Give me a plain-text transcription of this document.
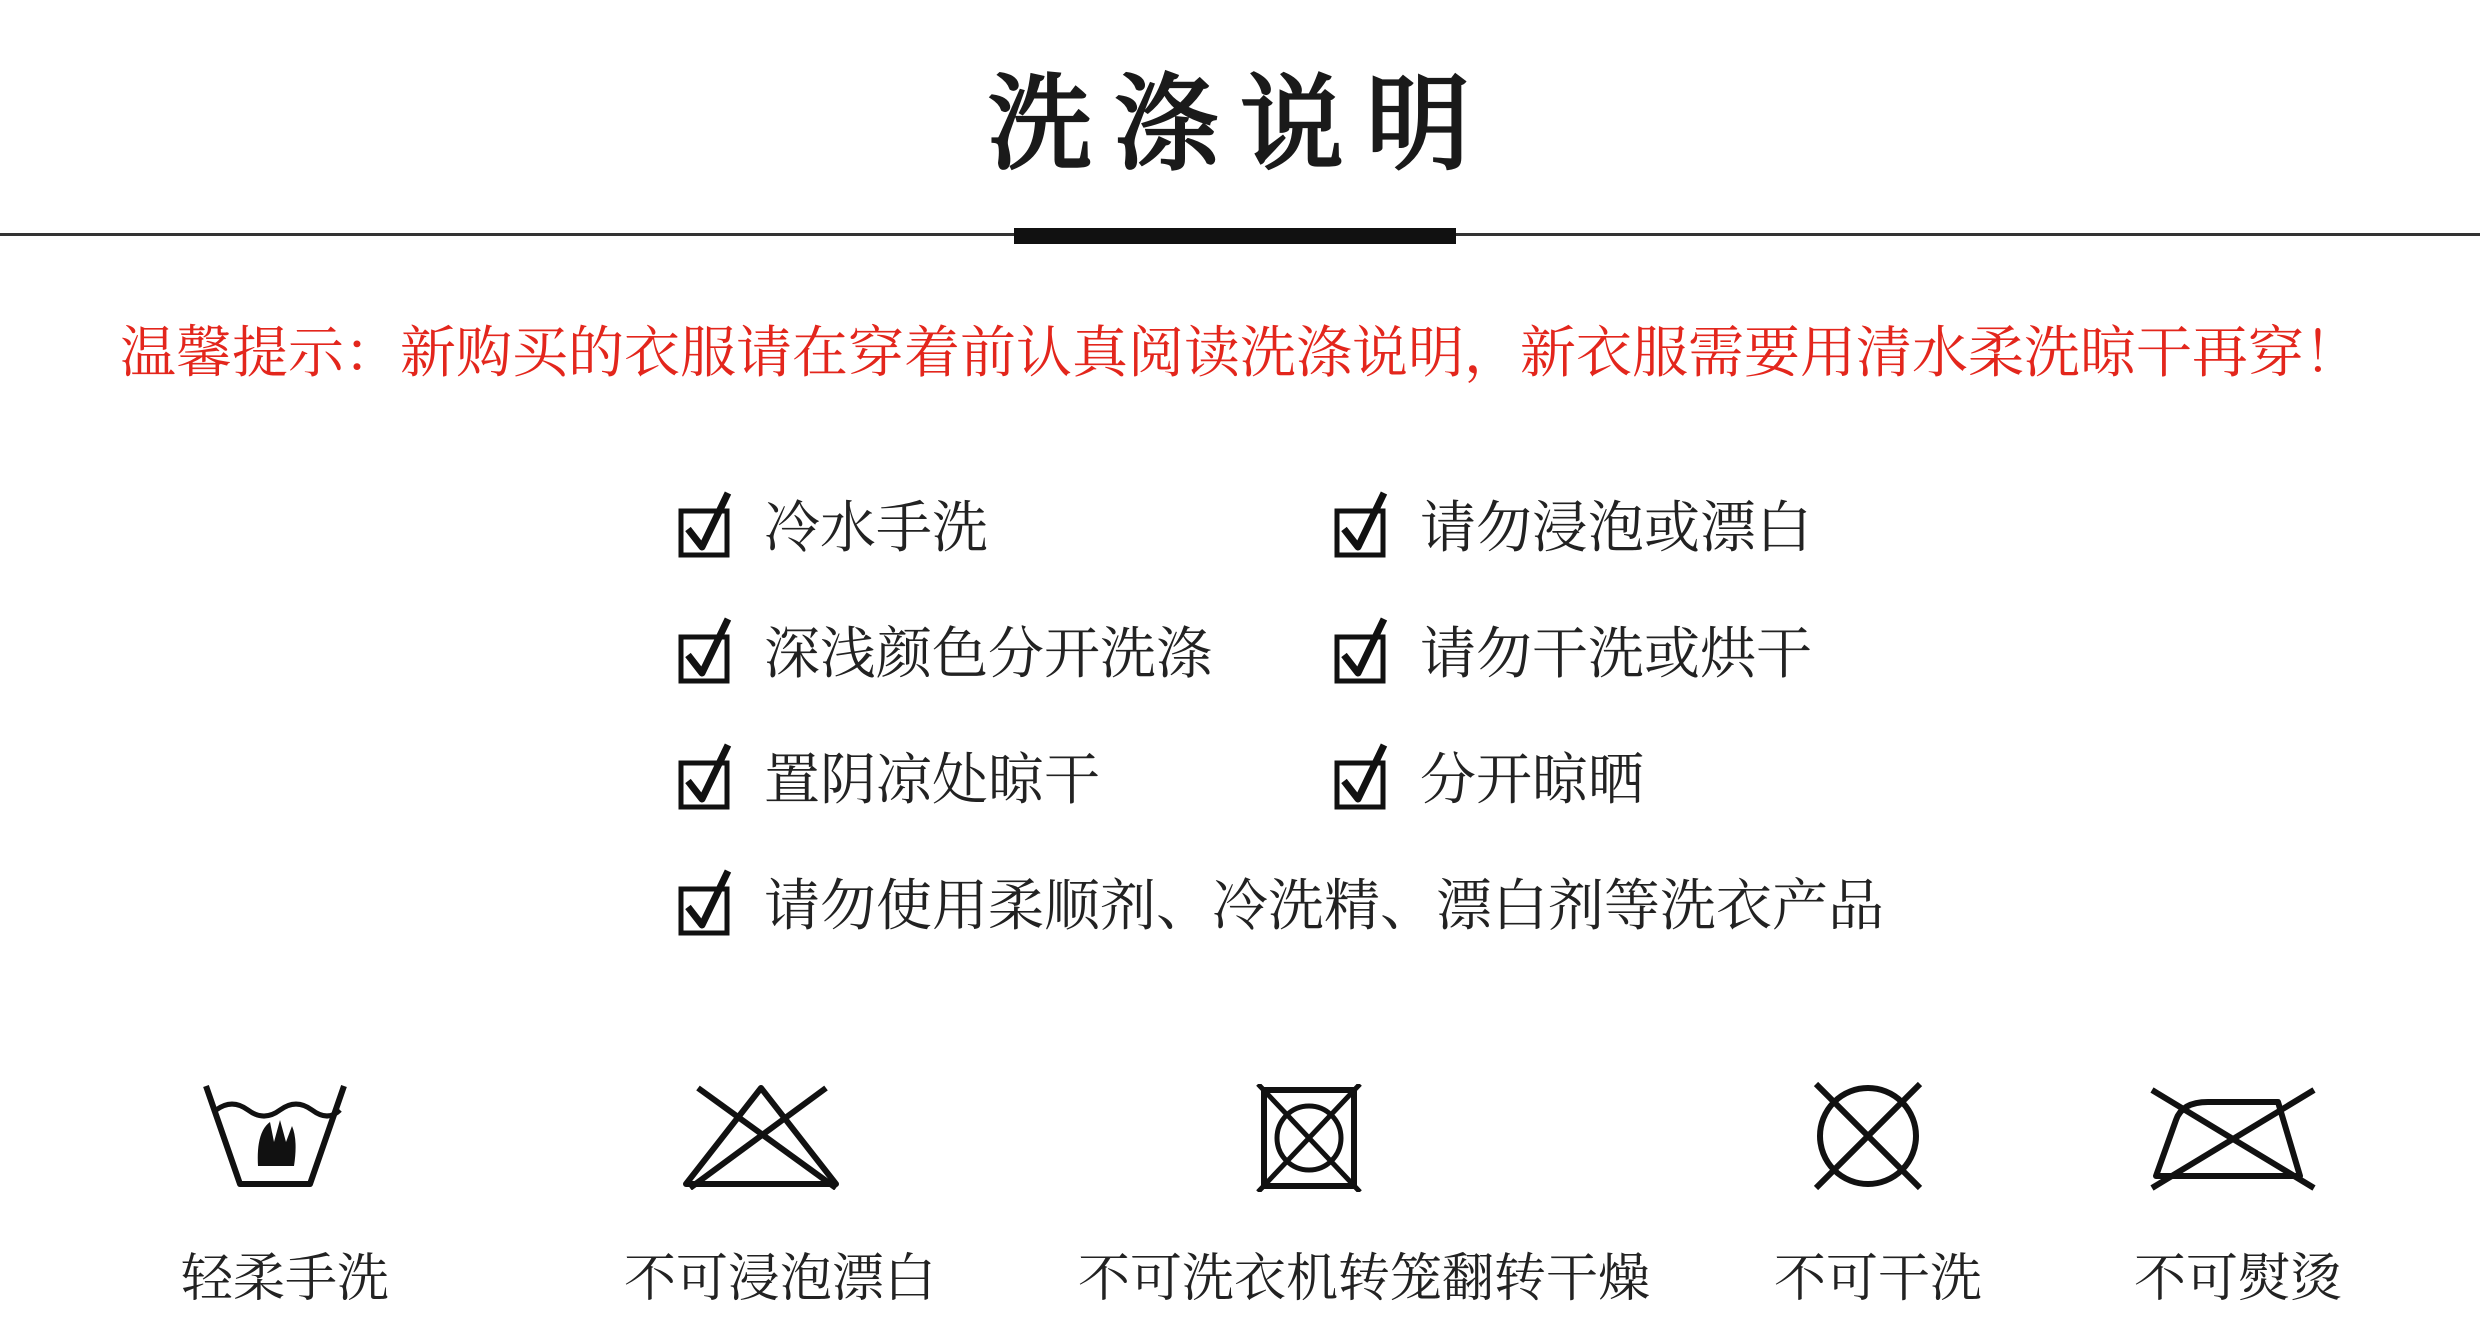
洗涤说明
温馨提示：新购买的衣服请在穿着前认真阅读洗涤说明，新衣服需要用清水柔洗晾干再穿！
冷水手洗	请勿浸泡或漂白
深浅颜色分开洗涤	请勿干洗或烘干
置阴凉处晾干	分开晾晒
请勿使用柔顺剂、冷洗精、漂白剂等洗衣产品
轻柔手洗	不可浸泡漂白	不可洗衣机转笼翻转干燥 不可干洗	不可熨烫
